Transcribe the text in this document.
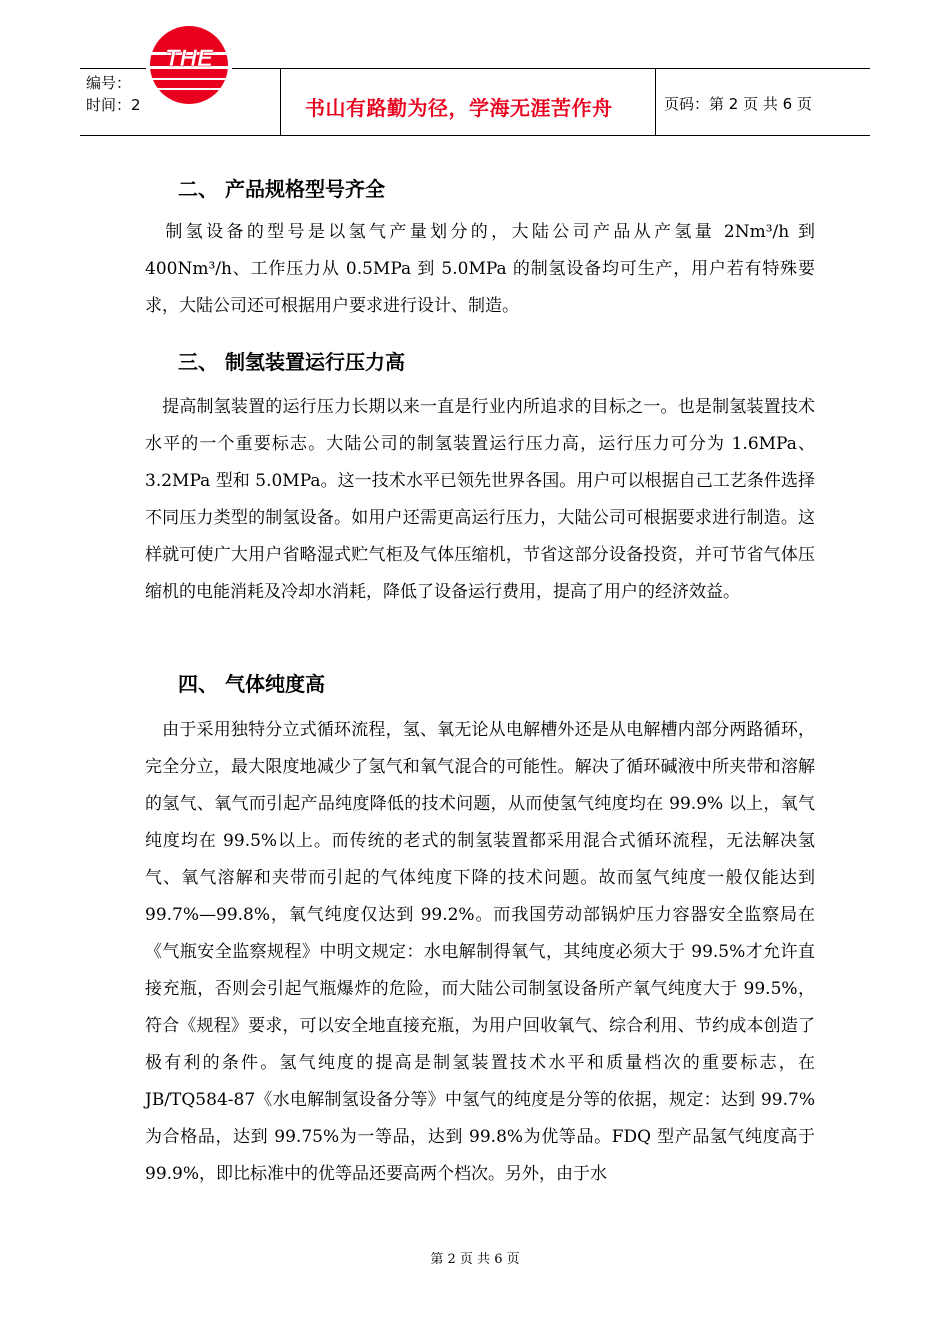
编号：
时间：2
THE
书山有路勤为径，学海无涯苦作舟	页码：第 2 页 共 6 页
二、 产品规格型号齐全

　制氢设备的型号是以氢气产量划分的，大陆公司产品从产氢量 2Nm³/h 到 400Nm³/h、工作压力从 0.5MPa 到 5.0MPa 的制氢设备均可生产，用户若有特殊要求，大陆公司还可根据用户要求进行设计、制造。

三、 制氢装置运行压力高

　提高制氢装置的运行压力长期以来一直是行业内所追求的目标之一。也是制氢装置技术水平的一个重要标志。大陆公司的制氢装置运行压力高，运行压力可分为 1.6MPa、3.2MPa 型和 5.0MPa。这一技术水平已领先世界各国。用户可以根据自己工艺条件选择不同压力类型的制氢设备。如用户还需更高运行压力，大陆公司可根据要求进行制造。这样就可使广大用户省略湿式贮气柜及气体压缩机，节省这部分设备投资，并可节省气体压缩机的电能消耗及冷却水消耗，降低了设备运行费用，提高了用户的经济效益。

四、 气体纯度高

　由于采用独特分立式循环流程，氢、氧无论从电解槽外还是从电解槽内部分两路循环，完全分立，最大限度地减少了氢气和氧气混合的可能性。解决了循环碱液中所夹带和溶解的氢气、氧气而引起产品纯度降低的技术问题，从而使氢气纯度均在 99.9% 以上，氧气纯度均在 99.5%以上。而传统的老式的制氢装置都采用混合式循环流程，无法解决氢气、氧气溶解和夹带而引起的气体纯度下降的技术问题。故而氢气纯度一般仅能达到 99.7%—99.8%，氧气纯度仅达到 99.2%。而我国劳动部锅炉压力容器安全监察局在《气瓶安全监察规程》中明文规定：水电解制得氧气，其纯度必须大于 99.5%才允许直接充瓶，否则会引起气瓶爆炸的危险，而大陆公司制氢设备所产氧气纯度大于 99.5%，符合《规程》要求，可以安全地直接充瓶，为用户回收氧气、综合利用、节约成本创造了极有利的条件。氢气纯度的提高是制氢装置技术水平和质量档次的重要标志，在 JB/TQ584-87《水电解制氢设备分等》中氢气的纯度是分等的依据，规定：达到 99.7%为合格品，达到 99.75%为一等品，达到 99.8%为优等品。FDQ 型产品氢气纯度高于 99.9%，即比标准中的优等品还要高两个档次。另外，由于水

第 2 页 共 6 页
